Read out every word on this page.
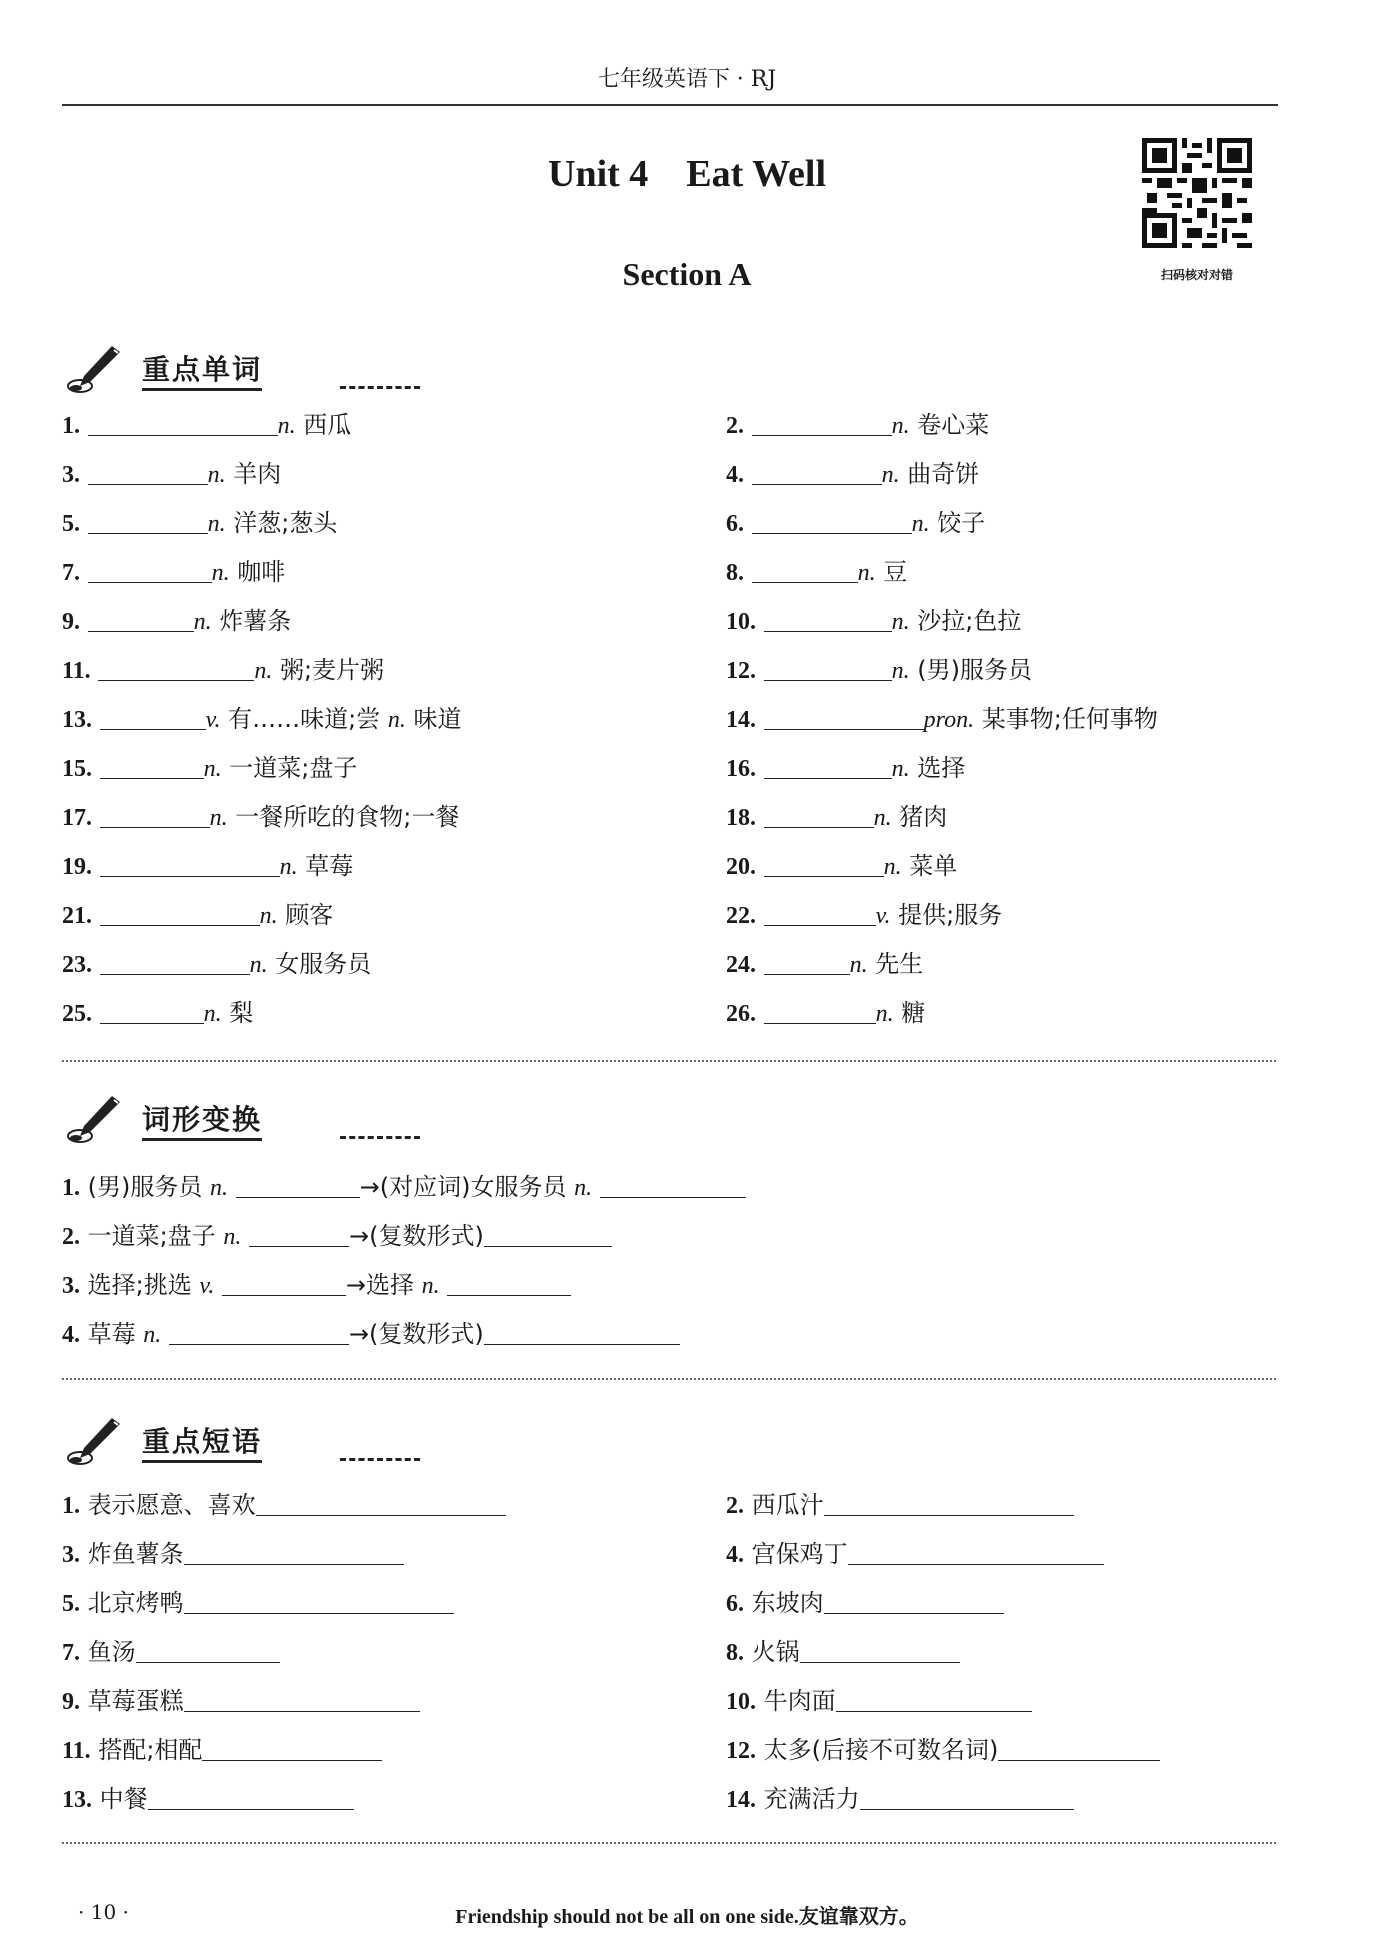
七年级英语下 · RJ
Unit 4 Eat Well
Section A	扫码核对对错
重点单词
1.	n. 西瓜	2.	n. 卷心菜
3.	n. 羊肉	4.	n. 曲奇饼
5.	n. 洋葱;葱头	6.	n. 饺子
7.	n. 咖啡	8.	n. 豆
9.	n. 炸薯条	10.	n. 沙拉;色拉
11.	n. 粥;麦片粥	12.	n. (男)服务员
13.	v. 有……味道;尝 n. 味道	14.	pron. 某事物;任何事物
15.	n. 一道菜;盘子	16.	n. 选择
17.	n. 一餐所吃的食物;一餐	18.	n. 猪肉
19.	n. 草莓	20.	n. 菜单
21.	n. 顾客	22.	v. 提供;服务
23.	n. 女服务员	24.	n. 先生
25.	n. 梨	26.	n. 糖
词形变换
1. (男)服务员 n.	→(对应词)女服务员 n.
2. 一道菜;盘子 n.	→(复数形式)
3. 选择;挑选 v.	→选择 n.
4. 草莓 n.	→(复数形式)
重点短语
1. 表示愿意、喜欢	2. 西瓜汁
3. 炸鱼薯条	4. 宫保鸡丁
5. 北京烤鸭	6. 东坡肉
7. 鱼汤	8. 火锅
9. 草莓蛋糕	10. 牛肉面
11. 搭配;相配	12. 太多(后接不可数名词)
13. 中餐	14. 充满活力
· 10 ·	Friendship should not be all on one side.友谊靠双方。
